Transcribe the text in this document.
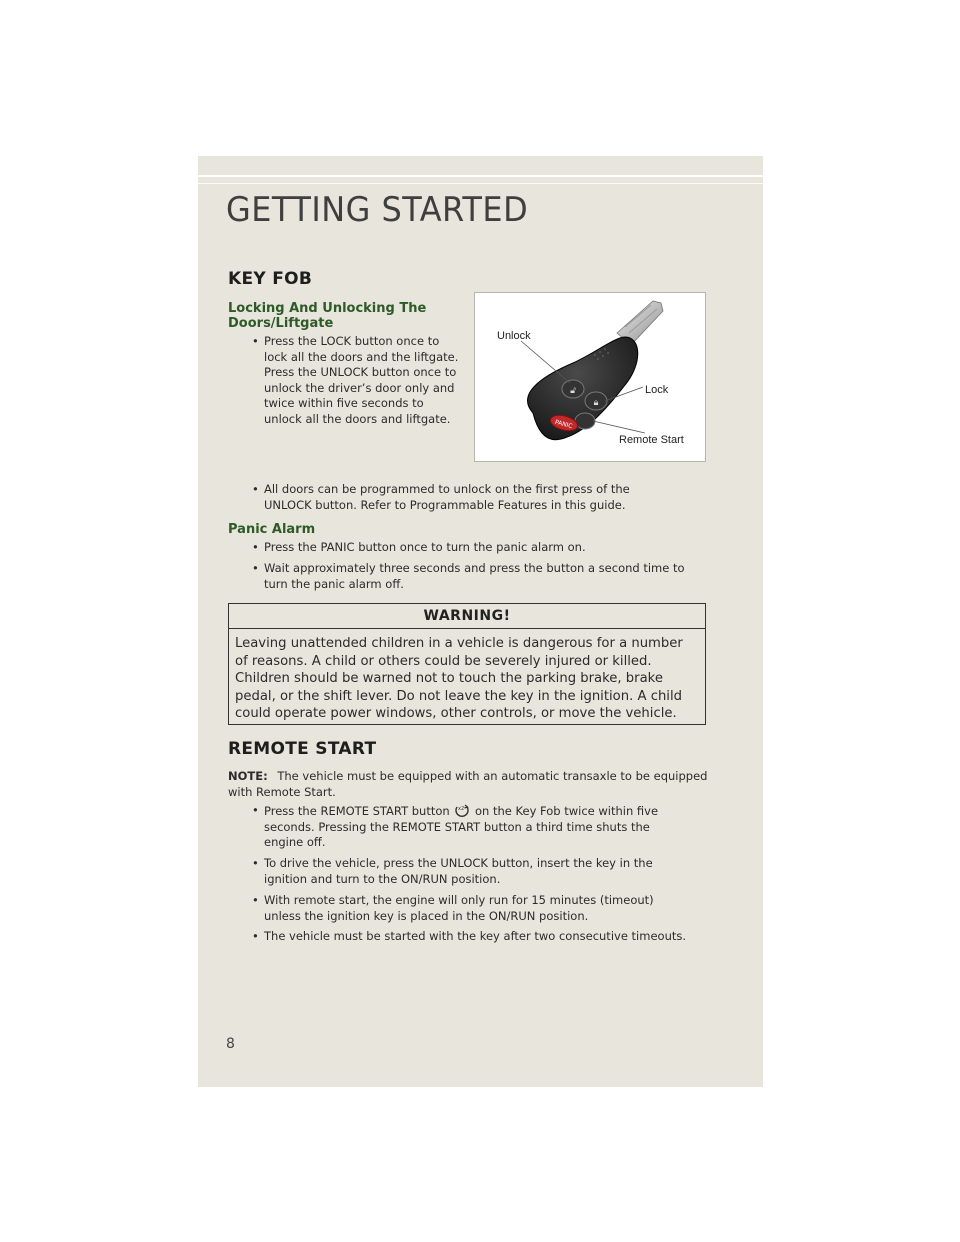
GETTING STARTED
KEY FOB
Locking And Unlocking The
Doors/Liftgate
• Press the LOCK button once to
lock all the doors and the liftgate.
Press the UNLOCK button once to
unlock the driver’s door only and
twice within five seconds to
unlock all the doors and liftgate.
🔓︎
🔒︎
PANIC
Unlock
Lock
Remote Start
• All doors can be programmed to unlock on the first press of the
UNLOCK button. Refer to Programmable Features in this guide.
Panic Alarm
• Press the PANIC button once to turn the panic alarm on.
• Wait approximately three seconds and press the button a second time to
turn the panic alarm off.
WARNING!
Leaving unattended children in a vehicle is dangerous for a number of reasons. A child or others could be severely injured or killed. Children should be warned not to touch the parking brake, brake pedal, or the shift lever. Do not leave the key in the ignition. A child could operate power windows, other controls, or move the vehicle.
REMOTE START
NOTE: The vehicle must be equipped with an automatic transaxle to be equipped with Remote Start.
• Press the REMOTE START button x2 on the Key Fob twice within five
seconds. Pressing the REMOTE START button a third time shuts the
engine off.
• To drive the vehicle, press the UNLOCK button, insert the key in the
ignition and turn to the ON/RUN position.
• With remote start, the engine will only run for 15 minutes (timeout)
unless the ignition key is placed in the ON/RUN position.
• The vehicle must be started with the key after two consecutive timeouts.
8
